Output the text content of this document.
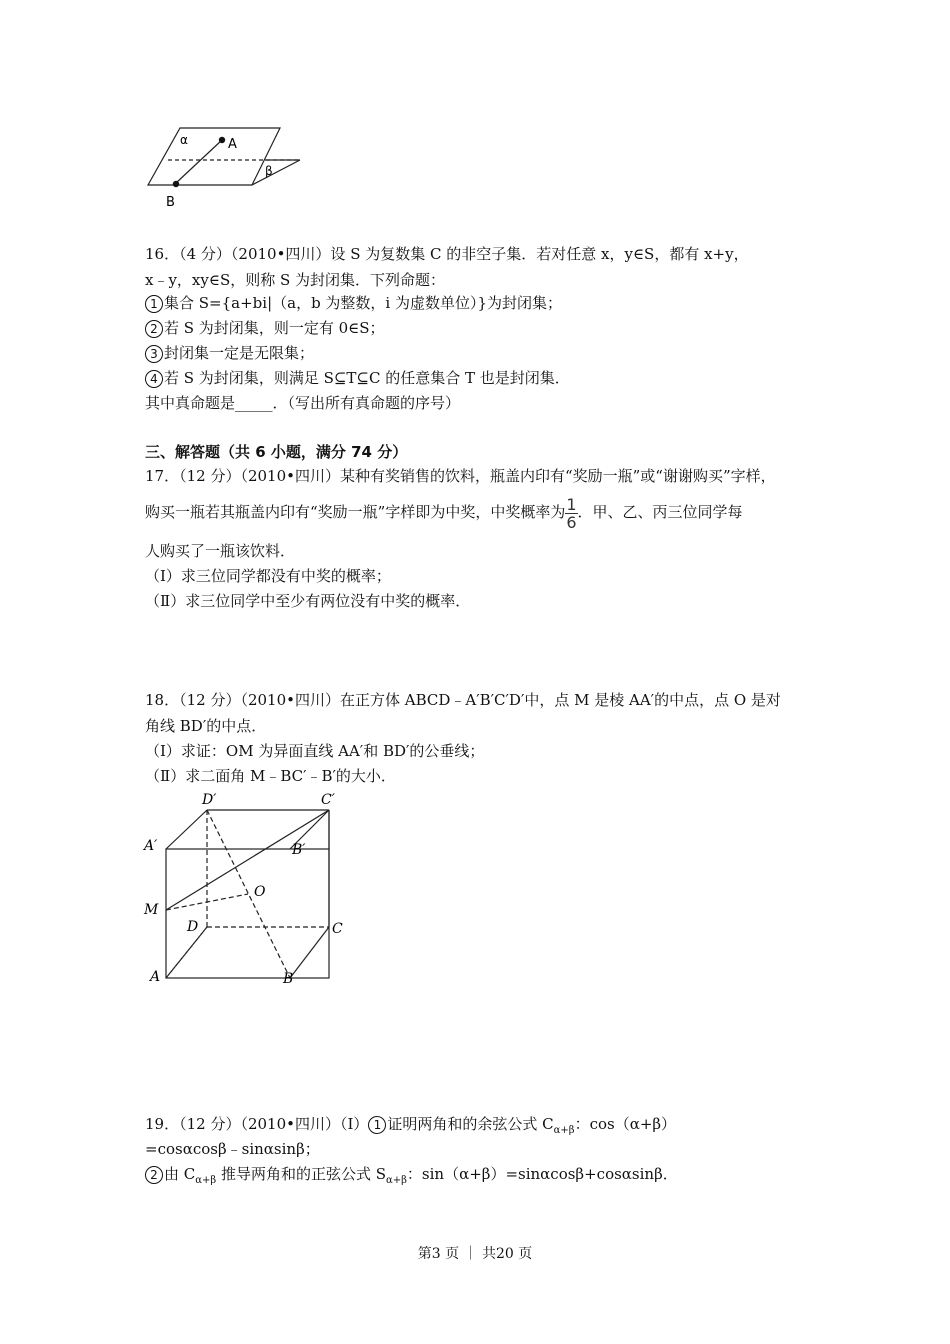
α	A
β
B
16．（4 分）（2010•四川）设 S 为复数集 C 的非空子集．若对任意 x，y∈S，都有 x+y，
x﹣y，xy∈S，则称 S 为封闭集．下列命题：
1 集合 S={a+bi|（a，b 为整数，i 为虚数单位）}为封闭集；
2 若 S 为封闭集，则一定有 0∈S；
3 封闭集一定是无限集；
4 若 S 为封闭集，则满足 S⊆T⊆C 的任意集合 T 也是封闭集．
其中真命题是_____．（写出所有真命题的序号）
三、解答题（共 6 小题，满分 74 分）
17．（12 分）（2010•四川）某种有奖销售的饮料，瓶盖内印有“奖励一瓶”或“谢谢购买”字样，
购买一瓶若其瓶盖内印有“奖励一瓶”字样即为中奖，中奖概率为 $\frac{1}{6}$ ．甲、乙、丙三位同学每
人购买了一瓶该饮料．
（Ⅰ）求三位同学都没有中奖的概率；
（Ⅱ）求三位同学中至少有两位没有中奖的概率．
18．（12 分）（2010•四川）在正方体 ABCD﹣A′B′C′D′中，点 M 是棱 AA′的中点，点 O 是对
角线 BD′的中点．
（Ⅰ）求证：OM 为异面直线 AA′和 BD′的公垂线；
（Ⅱ）求二面角 M﹣BC′﹣B′的大小．
D′	C′
A′	B′
O
M
D	C
A	B
19．（12 分）（2010•四川）（Ⅰ） 1 证明两角和的余弦公式 $C_{\alpha+\beta}$：cos（α+β）
=cosαcosβ﹣sinαsinβ；
2 由 $C_{\alpha+\beta}$ 推导两角和的正弦公式 $S_{\alpha+\beta}$：sin（α+β）=sinαcosβ+cosαsinβ．
第3 页 ｜ 共20 页
